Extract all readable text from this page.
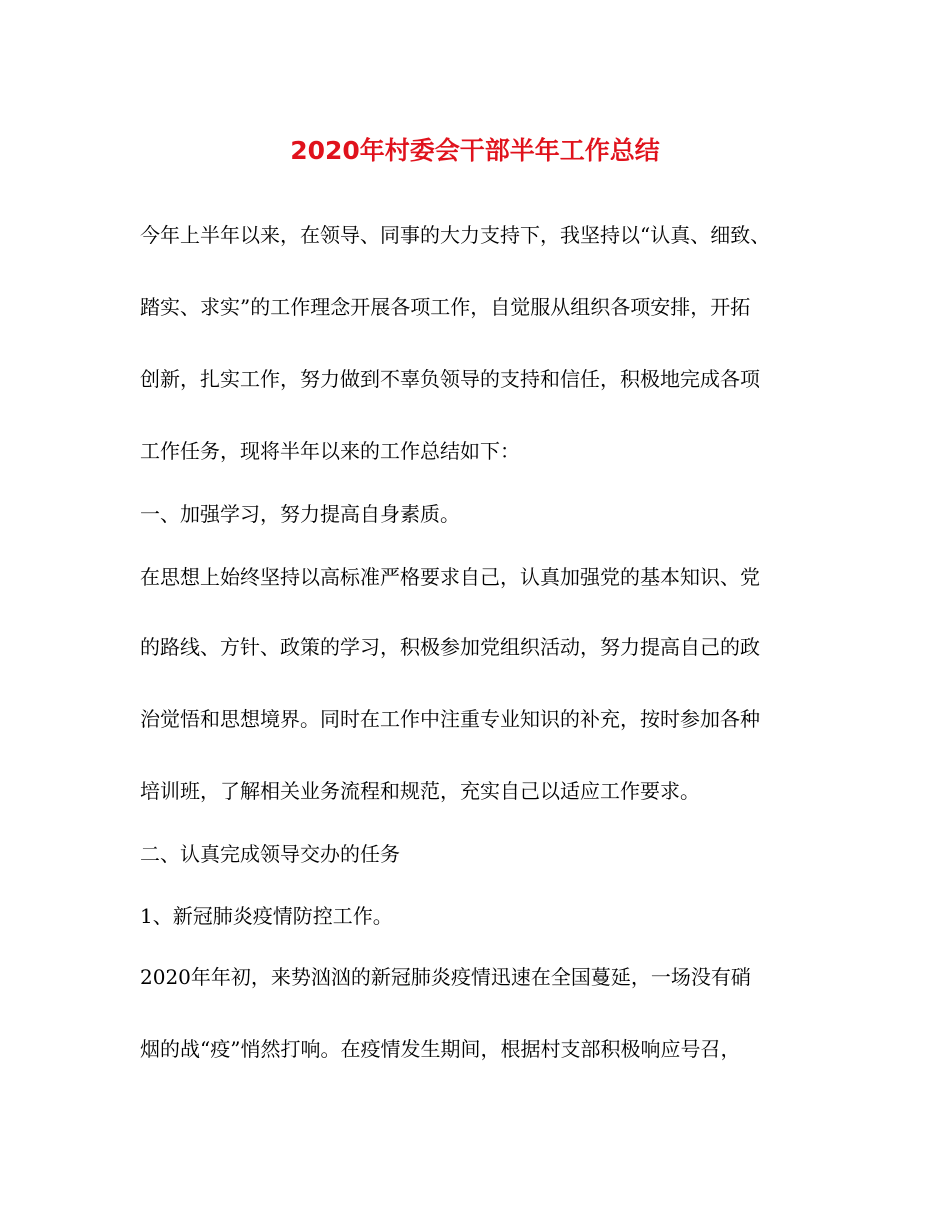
2020年村委会干部半年工作总结

今年上半年以来，在领导、同事的大力支持下，我坚持以“认真、细致、

踏实、求实”的工作理念开展各项工作，自觉服从组织各项安排，开拓

创新，扎实工作，努力做到不辜负领导的支持和信任，积极地完成各项

工作任务，现将半年以来的工作总结如下：

一、加强学习，努力提高自身素质。

在思想上始终坚持以高标准严格要求自己，认真加强党的基本知识、党

的路线、方针、政策的学习，积极参加党组织活动，努力提高自己的政

治觉悟和思想境界。同时在工作中注重专业知识的补充，按时参加各种

培训班，了解相关业务流程和规范，充实自己以适应工作要求。

二、认真完成领导交办的任务

1、新冠肺炎疫情防控工作。

2020年年初，来势汹汹的新冠肺炎疫情迅速在全国蔓延，一场没有硝

烟的战“疫”悄然打响。在疫情发生期间，根据村支部积极响应号召，
